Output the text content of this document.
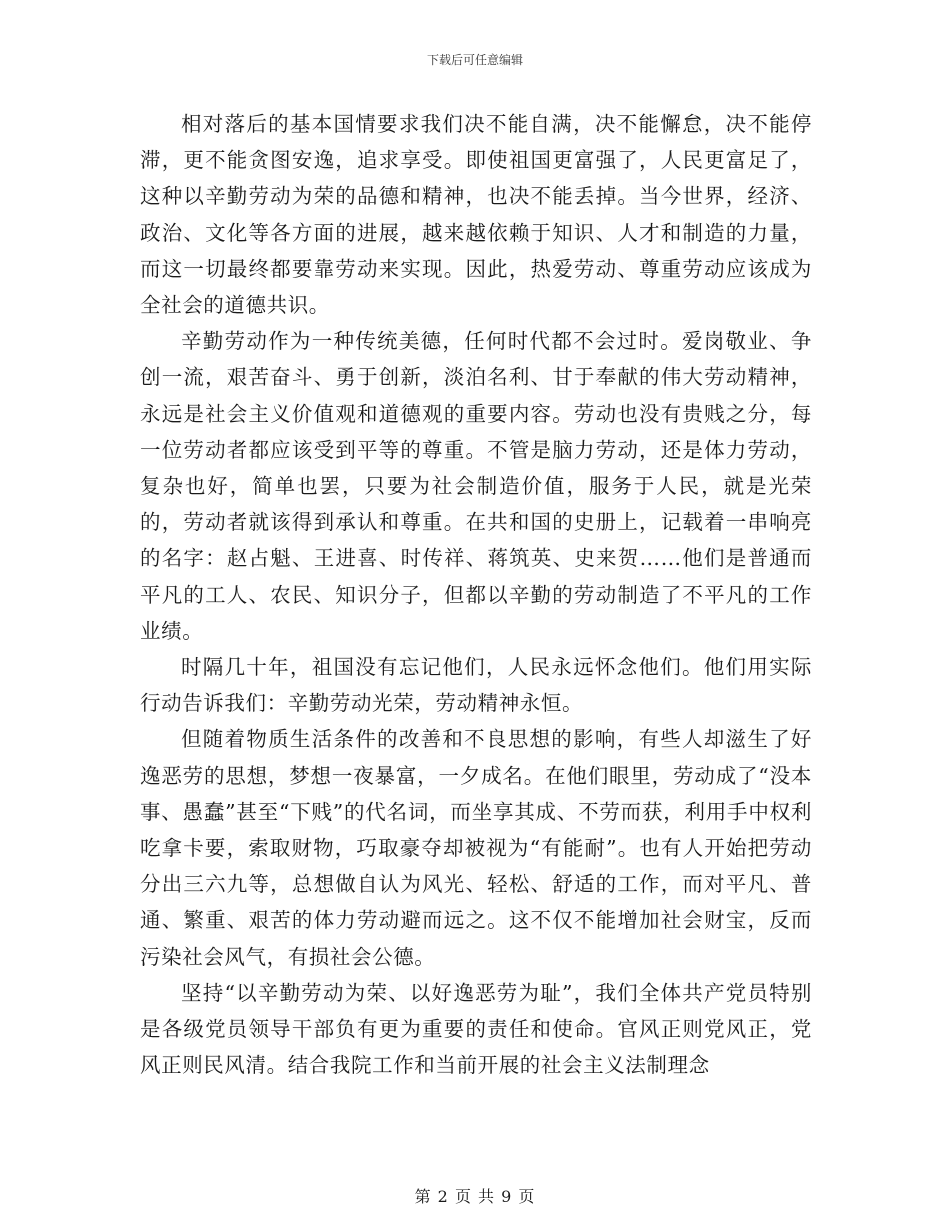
下载后可任意编辑

相对落后的基本国情要求我们决不能自满，决不能懈怠，决不能停滞，更不能贪图安逸，追求享受。即使祖国更富强了，人民更富足了，这种以辛勤劳动为荣的品德和精神，也决不能丢掉。当今世界，经济、政治、文化等各方面的进展，越来越依赖于知识、人才和制造的力量，而这一切最终都要靠劳动来实现。因此，热爱劳动、尊重劳动应该成为全社会的道德共识。

辛勤劳动作为一种传统美德，任何时代都不会过时。爱岗敬业、争创一流，艰苦奋斗、勇于创新，淡泊名利、甘于奉献的伟大劳动精神，永远是社会主义价值观和道德观的重要内容。劳动也没有贵贱之分，每一位劳动者都应该受到平等的尊重。不管是脑力劳动，还是体力劳动，复杂也好，简单也罢，只要为社会制造价值，服务于人民，就是光荣的，劳动者就该得到承认和尊重。在共和国的史册上，记载着一串响亮的名字：赵占魁、王进喜、时传祥、蒋筑英、史来贺……他们是普通而平凡的工人、农民、知识分子，但都以辛勤的劳动制造了不平凡的工作业绩。

时隔几十年，祖国没有忘记他们，人民永远怀念他们。他们用实际行动告诉我们：辛勤劳动光荣，劳动精神永恒。

但随着物质生活条件的改善和不良思想的影响，有些人却滋生了好逸恶劳的思想，梦想一夜暴富，一夕成名。在他们眼里，劳动成了“没本事、愚蠢”甚至“下贱”的代名词，而坐享其成、不劳而获，利用手中权利吃拿卡要，索取财物，巧取豪夺却被视为“有能耐”。也有人开始把劳动分出三六九等，总想做自认为风光、轻松、舒适的工作，而对平凡、普通、繁重、艰苦的体力劳动避而远之。这不仅不能增加社会财宝，反而污染社会风气，有损社会公德。

坚持“以辛勤劳动为荣、以好逸恶劳为耻”，我们全体共产党员特别是各级党员领导干部负有更为重要的责任和使命。官风正则党风正，党风正则民风清。结合我院工作和当前开展的社会主义法制理念

第 2 页 共 9 页
